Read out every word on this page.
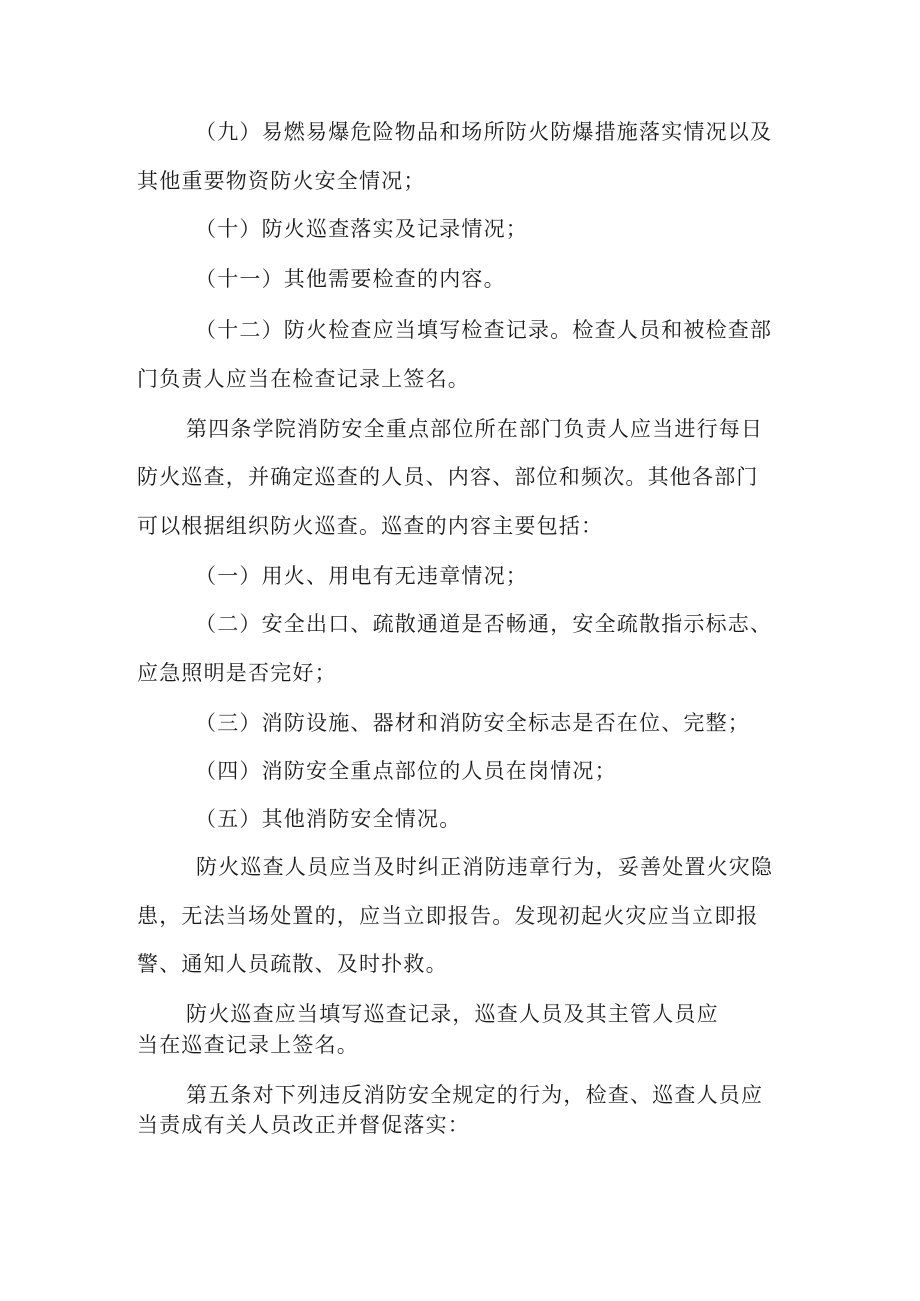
（九）易燃易爆危险物品和场所防火防爆措施落实情况以及

其他重要物资防火安全情况；

（十）防火巡查落实及记录情况；

（十一）其他需要检查的内容。

（十二）防火检查应当填写检查记录。检查人员和被检查部

门负责人应当在检查记录上签名。

第四条学院消防安全重点部位所在部门负责人应当进行每日

防火巡查，并确定巡查的人员、内容、部位和频次。其他各部门

可以根据组织防火巡查。巡查的内容主要包括：

（一）用火、用电有无违章情况；

（二）安全出口、疏散通道是否畅通，安全疏散指示标志、

应急照明是否完好；

（三）消防设施、器材和消防安全标志是否在位、完整；

（四）消防安全重点部位的人员在岗情况；

（五）其他消防安全情况。

防火巡查人员应当及时纠正消防违章行为，妥善处置火灾隐

患，无法当场处置的，应当立即报告。发现初起火灾应当立即报

警、通知人员疏散、及时扑救。

防火巡查应当填写巡查记录，巡查人员及其主管人员应

当在巡查记录上签名。

第五条对下列违反消防安全规定的行为，检查、巡查人员应

当责成有关人员改正并督促落实：
